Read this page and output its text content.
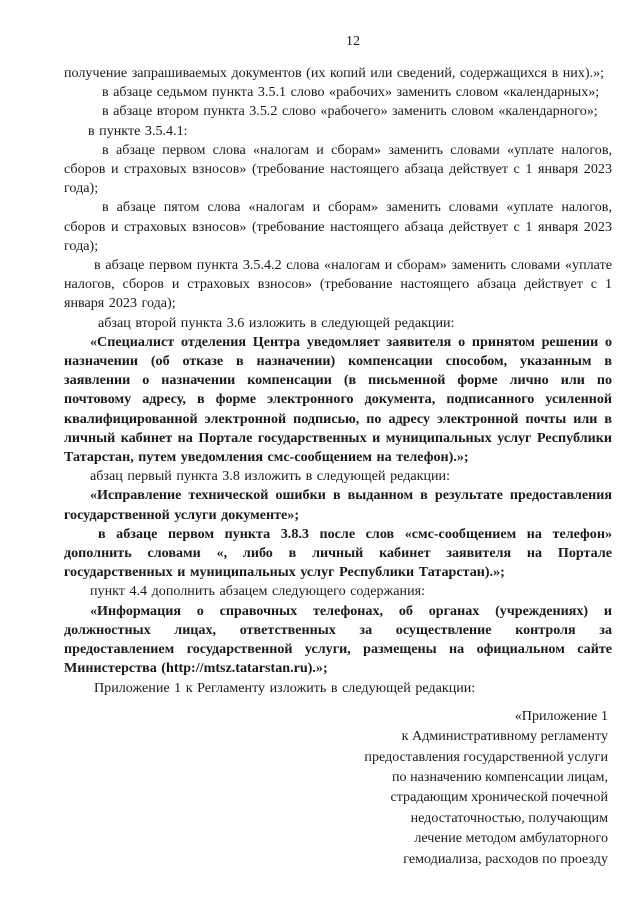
12

получение запрашиваемых документов (их копий или сведений, содержащихся в них).»;

в абзаце седьмом пункта 3.5.1 слово «рабочих» заменить словом «календарных»;

в абзаце втором пункта 3.5.2 слово «рабочего» заменить словом «календарного»;

в пункте 3.5.4.1:

в абзаце первом слова «налогам и сборам» заменить словами «уплате налогов, сборов и страховых взносов» (требование настоящего абзаца действует с 1 января 2023 года);

в абзаце пятом слова «налогам и сборам» заменить словами «уплате налогов, сборов и страховых взносов» (требование настоящего абзаца действует с 1 января 2023 года);

в абзаце первом пункта 3.5.4.2 слова «налогам и сборам» заменить словами «уплате налогов, сборов и страховых взносов» (требование настоящего абзаца действует с 1 января 2023 года);

абзац второй пункта 3.6 изложить в следующей редакции:

«Специалист отделения Центра уведомляет заявителя о принятом решении о назначении (об отказе в назначении) компенсации способом, указанным в заявлении о назначении компенсации (в письменной форме лично или по почтовому адресу, в форме электронного документа, подписанного усиленной квалифицированной электронной подписью, по адресу электронной почты или в личный кабинет на Портале государственных и муниципальных услуг Республики Татарстан, путем уведомления смс-сообщением на телефон).»;

абзац первый пункта 3.8 изложить в следующей редакции:

«Исправление технической ошибки в выданном в результате предоставления государственной услуги документе»;

в абзаце первом пункта 3.8.3 после слов «смс-сообщением на телефон» дополнить словами «, либо в личный кабинет заявителя на Портале государственных и муниципальных услуг Республики Татарстан).»;

пункт 4.4 дополнить абзацем следующего содержания:

«Информация о справочных телефонах, об органах (учреждениях) и должностных лицах, ответственных за осуществление контроля за предоставлением государственной услуги, размещены на официальном сайте Министерства (http://mtsz.tatarstan.ru).»;

Приложение 1 к Регламенту изложить в следующей редакции:

«Приложение 1
к Административному регламенту
предоставления государственной услуги
по назначению компенсации лицам,
страдающим хронической почечной
недостаточностью, получающим
лечение методом амбулаторного
гемодиализа, расходов по проезду
